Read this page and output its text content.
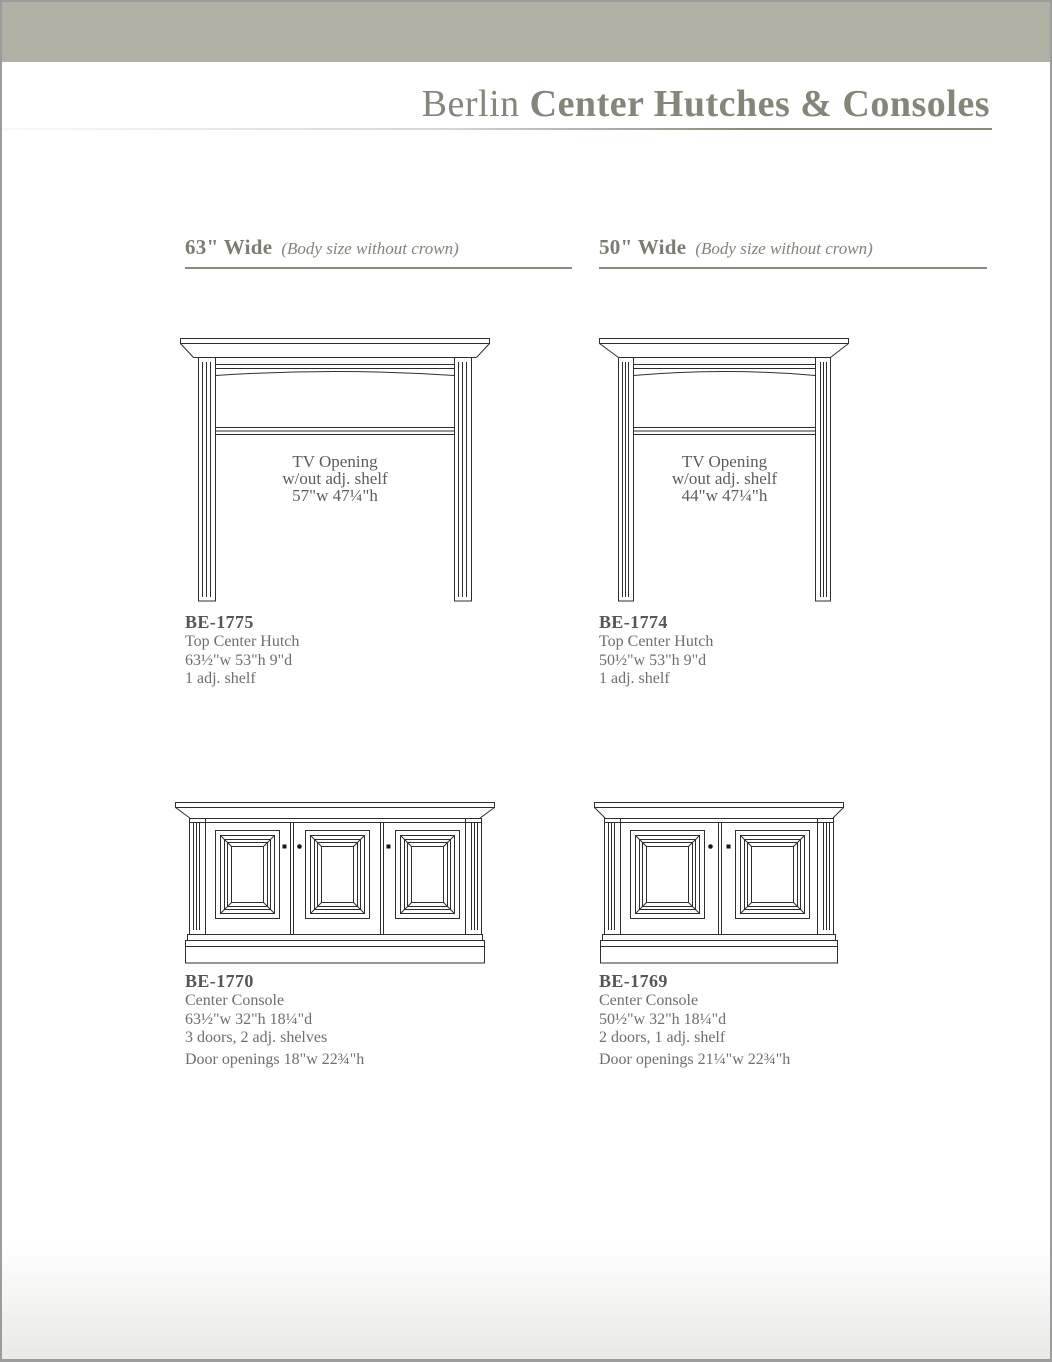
Berlin Center Hutches & Consoles
63" Wide (Body size without crown)	50" Wide (Body size without crown)
TV Opening
w/out adj. shelf
57"w 47¼"h
TV Opening
w/out adj. shelf
44"w 47¼"h
BE-1775
Top Center Hutch
63½"w 53"h 9"d
1 adj. shelf
BE-1774
Top Center Hutch
50½"w 53"h 9"d
1 adj. shelf
BE-1770
Center Console
63½"w 32"h 18¼"d
3 doors, 2 adj. shelves
Door openings 18"w 22¾"h
BE-1769
Center Console
50½"w 32"h 18¼"d
2 doors, 1 adj. shelf
Door openings 21¼"w 22¾"h
